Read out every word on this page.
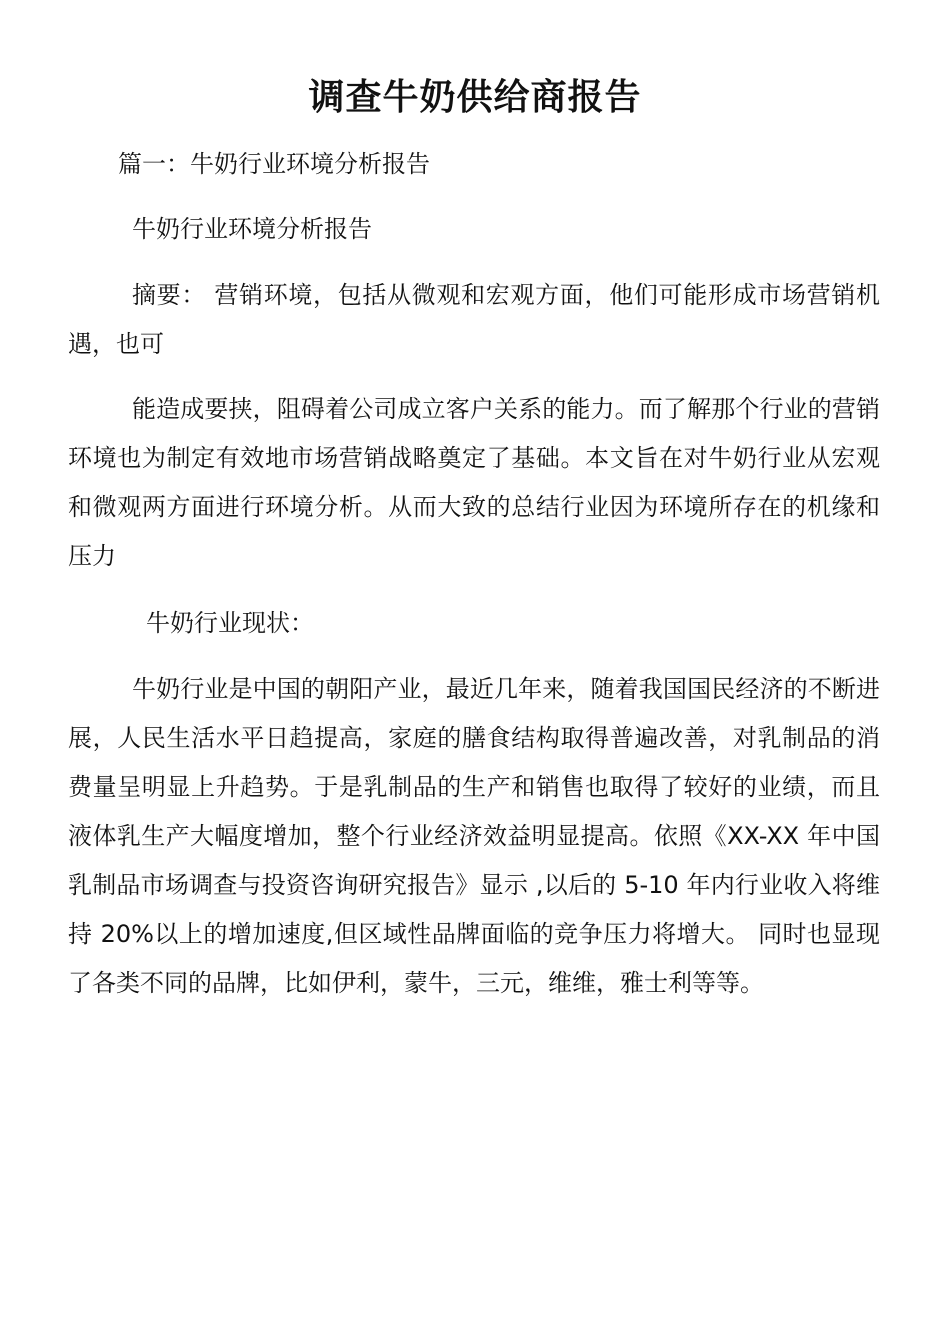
调查牛奶供给商报告
篇一：牛奶行业环境分析报告
牛奶行业环境分析报告
摘要： 营销环境，包括从微观和宏观方面，他们可能形成市场营销机遇，也可
能造成要挟，阻碍着公司成立客户关系的能力。而了解那个行业的营销环境也为制定有效地市场营销战略奠定了基础。本文旨在对牛奶行业从宏观和微观两方面进行环境分析。从而大致的总结行业因为环境所存在的机缘和压力
牛奶行业现状：
牛奶行业是中国的朝阳产业，最近几年来，随着我国国民经济的不断进展，人民生活水平日趋提高，家庭的膳食结构取得普遍改善，对乳制品的消费量呈明显上升趋势。于是乳制品的生产和销售也取得了较好的业绩，而且液体乳生产大幅度增加，整个行业经济效益明显提高。依照《XX-XX 年中国乳制品市场调查与投资咨询研究报告》显示 ,以后的 5-10 年内行业收入将维持 20%以上的增加速度,但区域性品牌面临的竞争压力将增大。 同时也显现了各类不同的品牌，比如伊利，蒙牛，三元，维维，雅士利等等。
